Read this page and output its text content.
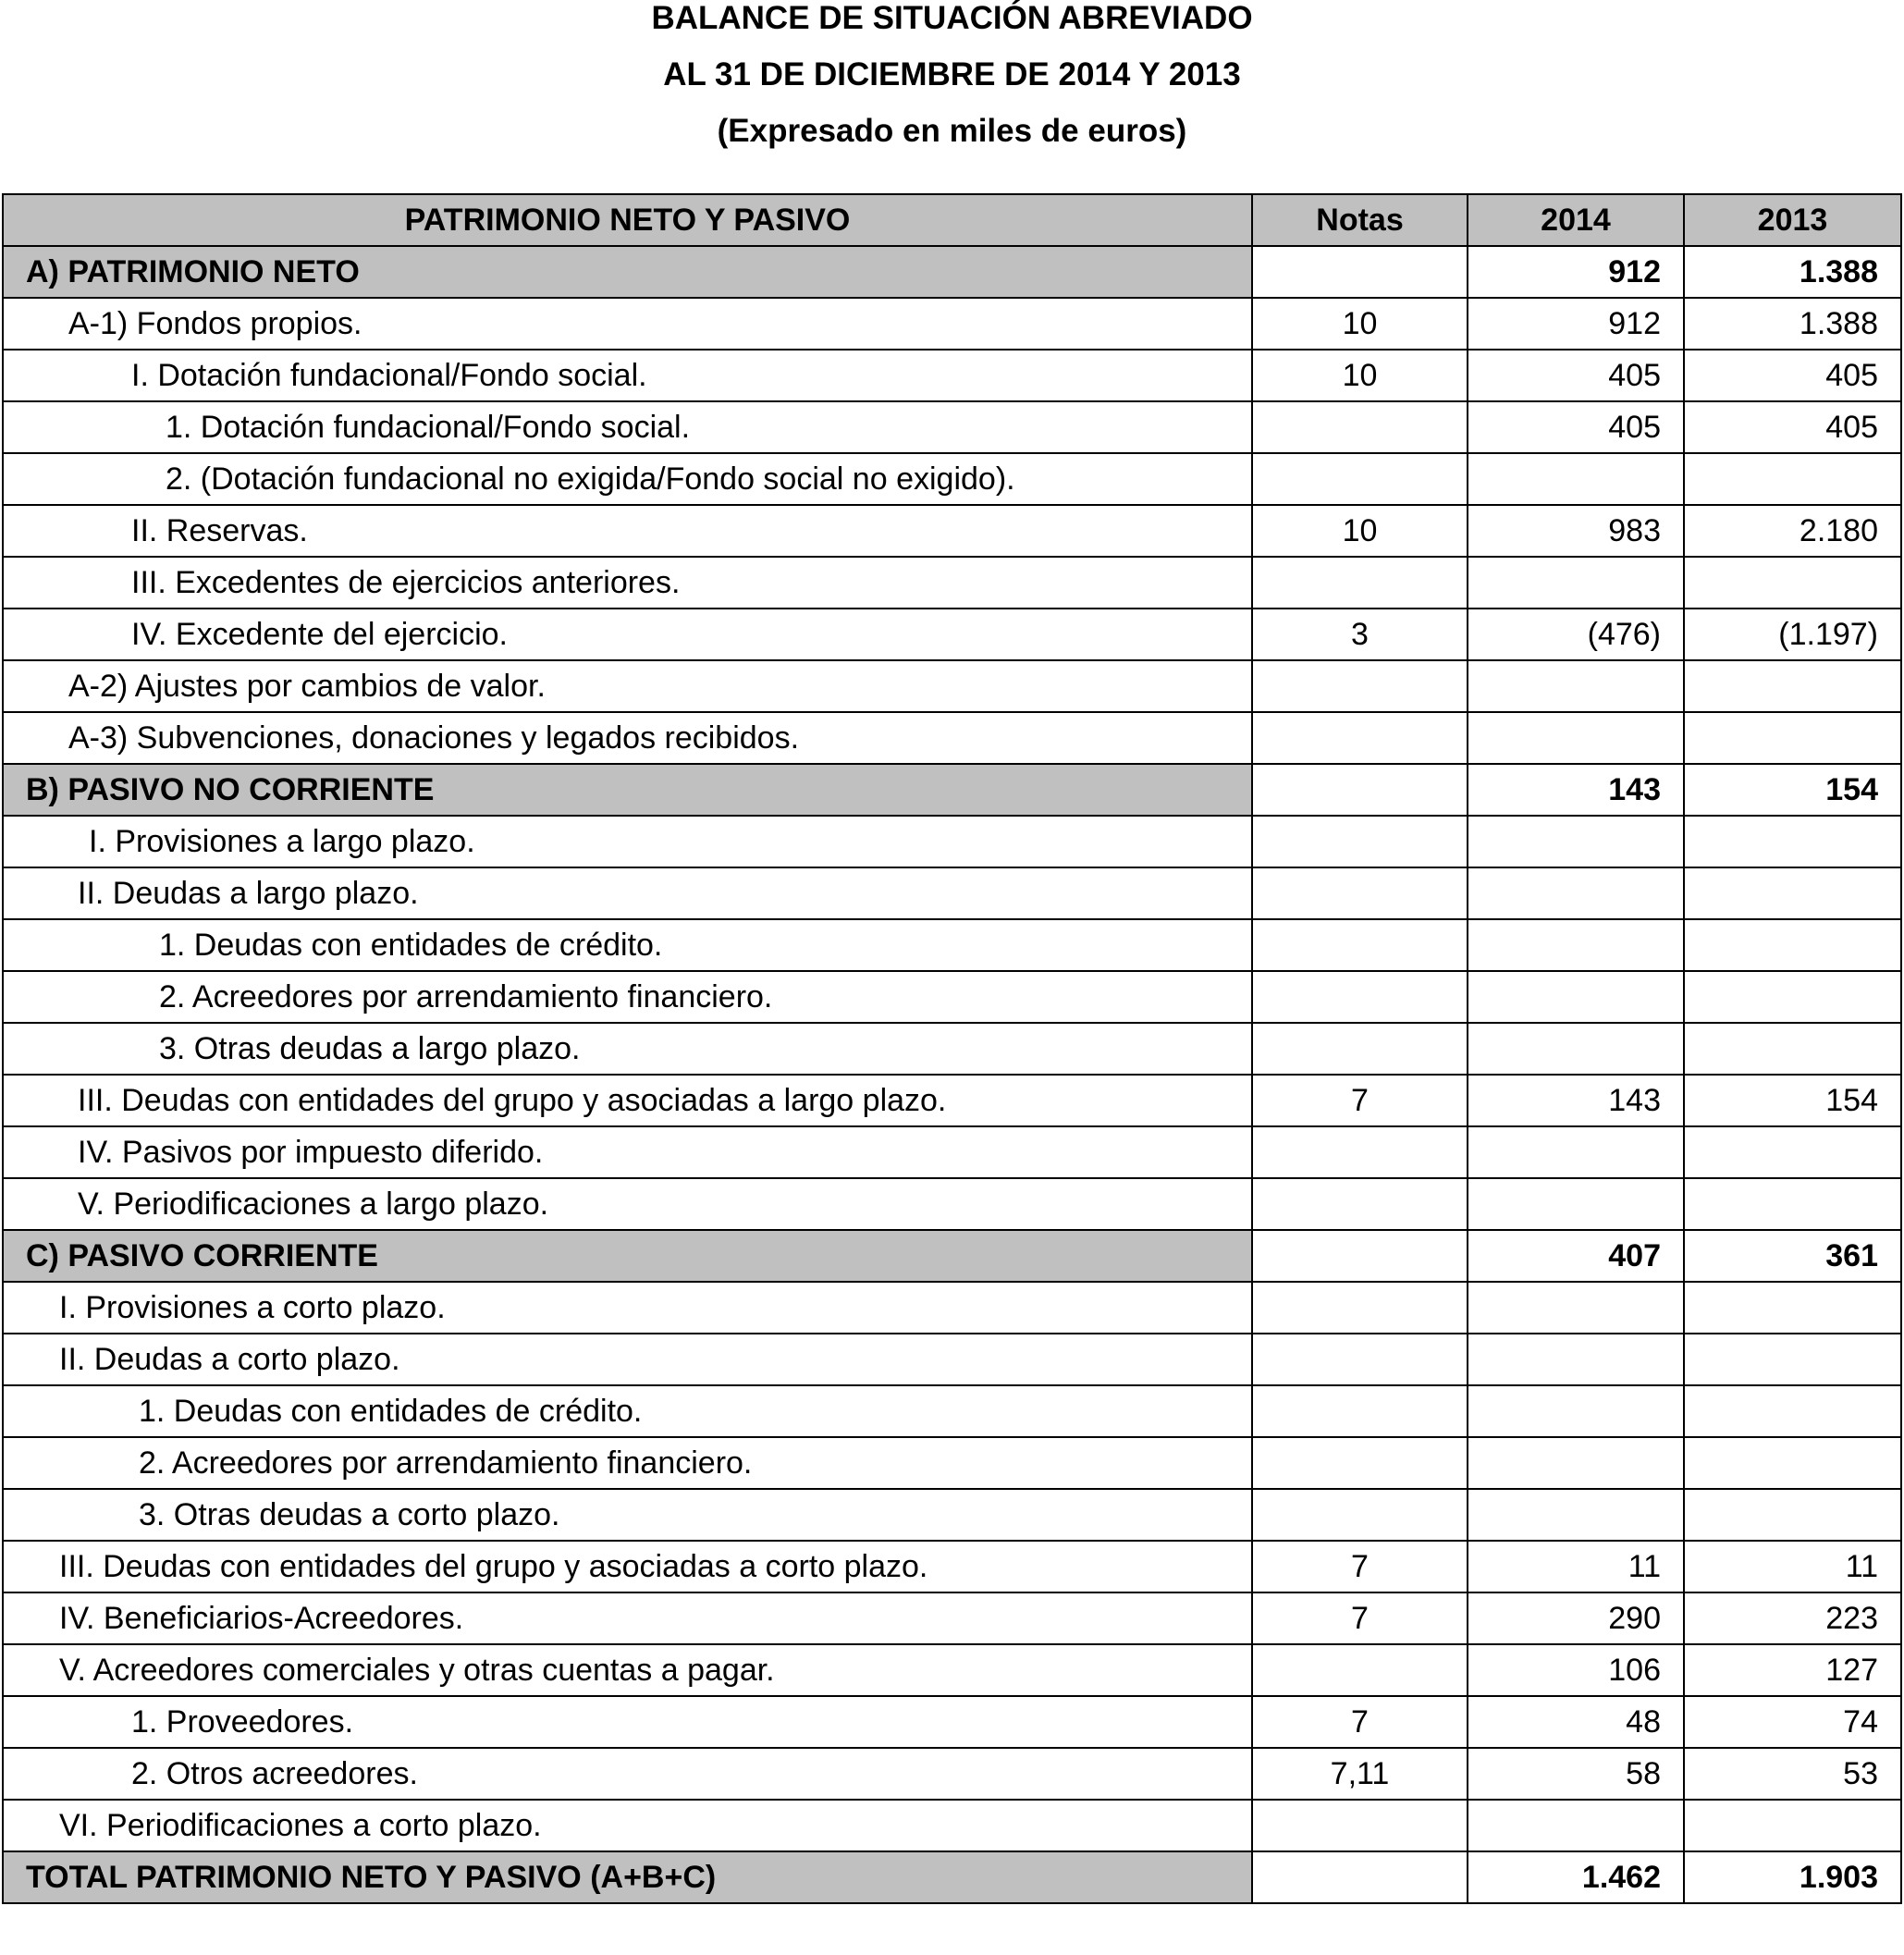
BALANCE DE SITUACIÓN ABREVIADO
AL 31 DE DICIEMBRE DE 2014 Y 2013
(Expresado en miles de euros)
PATRIMONIO NETO Y PASIVO	Notas	2014	2013
A) PATRIMONIO NETO		912	1.388
A-1) Fondos propios.	10	912	1.388
I. Dotación fundacional/Fondo social.	10	405	405
1. Dotación fundacional/Fondo social.		405	405
2. (Dotación fundacional no exigida/Fondo social no exigido).			
II. Reservas.	10	983	2.180
III. Excedentes de ejercicios anteriores.			
IV. Excedente del ejercicio.	3	(476)	(1.197)
A-2) Ajustes por cambios de valor.			
A-3) Subvenciones, donaciones y legados recibidos.			
B) PASIVO NO CORRIENTE		143	154
I. Provisiones a largo plazo.			
II. Deudas a largo plazo.			
1. Deudas con entidades de crédito.			
2. Acreedores por arrendamiento financiero.			
3. Otras deudas a largo plazo.			
III. Deudas con entidades del grupo y asociadas a largo plazo.	7	143	154
IV. Pasivos por impuesto diferido.			
V. Periodificaciones a largo plazo.			
C) PASIVO CORRIENTE		407	361
I. Provisiones a corto plazo.			
II. Deudas a corto plazo.			
1. Deudas con entidades de crédito.			
2. Acreedores por arrendamiento financiero.			
3. Otras deudas a corto plazo.			
III. Deudas con entidades del grupo y asociadas a corto plazo.	7	11	11
IV. Beneficiarios-Acreedores.	7	290	223
V. Acreedores comerciales y otras cuentas a pagar.		106	127
1. Proveedores.	7	48	74
2. Otros acreedores.	7,11	58	53
VI. Periodificaciones a corto plazo.			
TOTAL PATRIMONIO NETO Y PASIVO (A+B+C)		1.462	1.903
